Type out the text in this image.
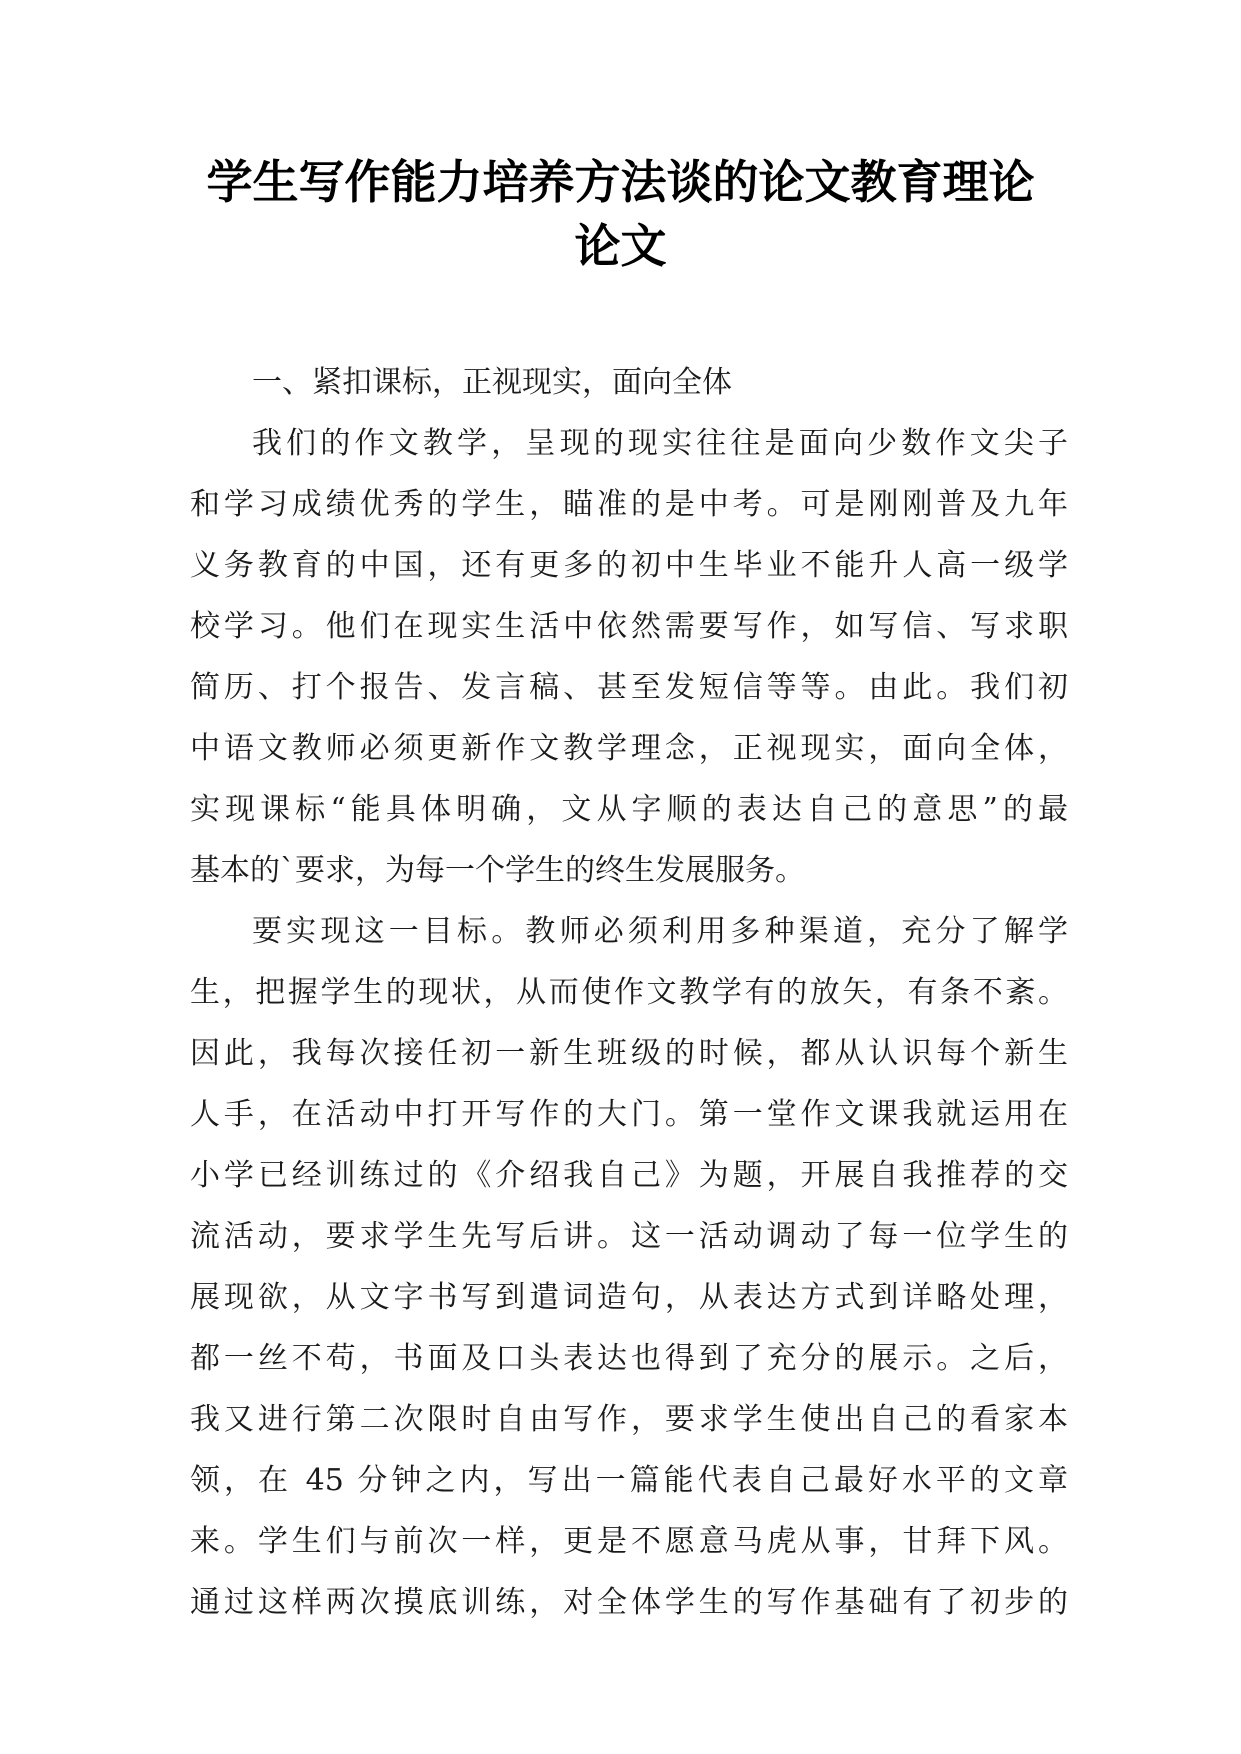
学生写作能力培养方法谈的论文教育理论
论文
一、紧扣课标，正视现实，面向全体
我们的作文教学，呈现的现实往往是面向少数作文尖子
和学习成绩优秀的学生，瞄准的是中考。可是刚刚普及九年
义务教育的中国，还有更多的初中生毕业不能升人高一级学
校学习。他们在现实生活中依然需要写作，如写信、写求职
简历、打个报告、发言稿、甚至发短信等等。由此。我们初
中语文教师必须更新作文教学理念，正视现实，面向全体，
实现课标“能具体明确，文从字顺的表达自己的意思”的最
基本的`要求，为每一个学生的终生发展服务。
要实现这一目标。教师必须利用多种渠道，充分了解学
生，把握学生的现状，从而使作文教学有的放矢，有条不紊。
因此，我每次接任初一新生班级的时候，都从认识每个新生
人手，在活动中打开写作的大门。第一堂作文课我就运用在
小学已经训练过的《介绍我自己》为题，开展自我推荐的交
流活动，要求学生先写后讲。这一活动调动了每一位学生的
展现欲，从文字书写到遣词造句，从表达方式到详略处理，
都一丝不苟，书面及口头表达也得到了充分的展示。之后，
我又进行第二次限时自由写作，要求学生使出自己的看家本
领，在 45 分钟之内，写出一篇能代表自己最好水平的文章
来。学生们与前次一样，更是不愿意马虎从事，甘拜下风。
通过这样两次摸底训练，对全体学生的写作基础有了初步的
